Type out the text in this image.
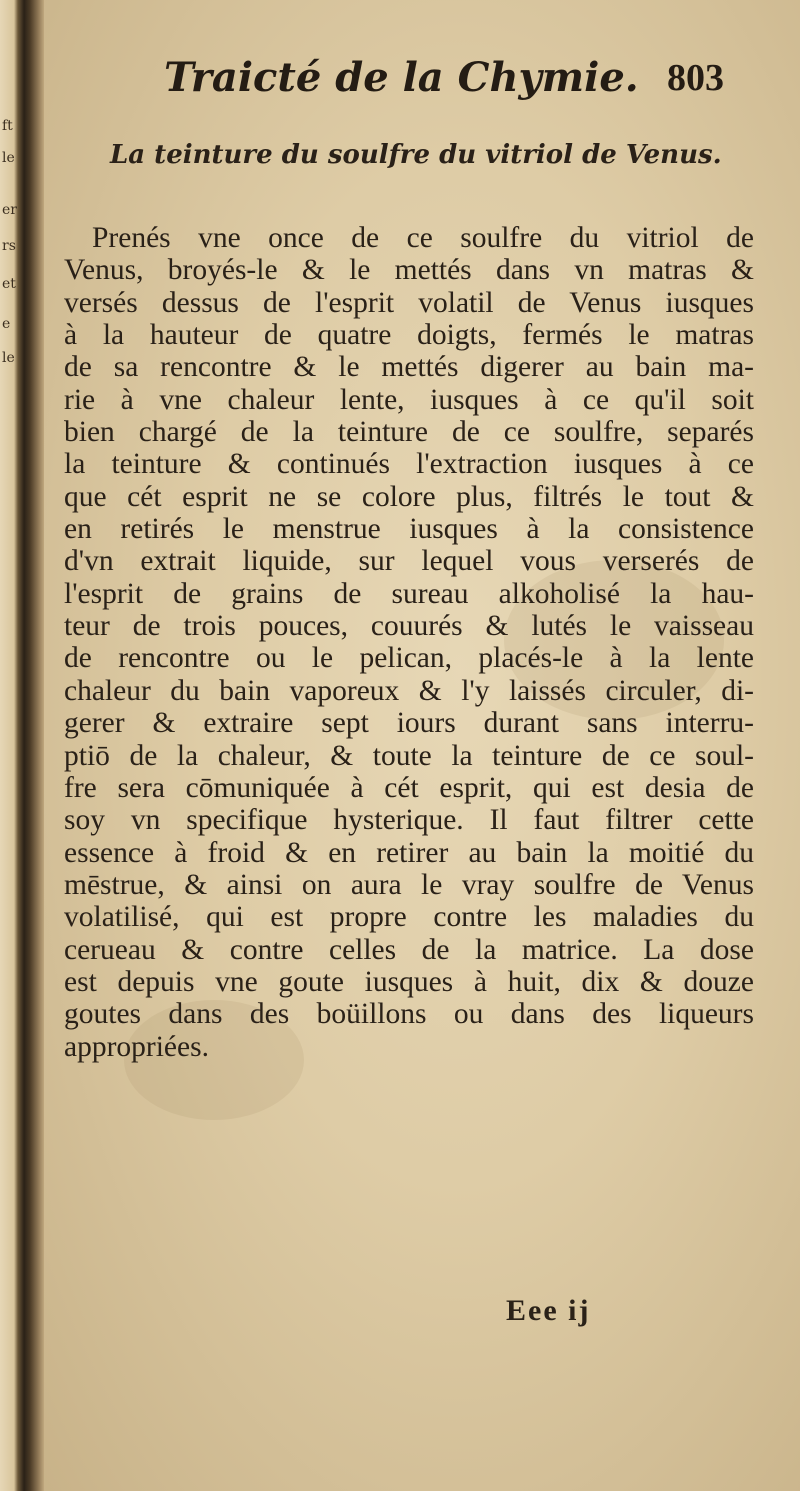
ft
le
er
rs
et
e
le
Traicté de la Chymie. 803
La teinture du soulfre du vitriol de Venus.
Prenés vne once de ce soulfre du vitriol de
Venus, broyés-le & le mettés dans vn matras &
versés dessus de l'esprit volatil de Venus iusques
à la hauteur de quatre doigts, fermés le matras
de sa rencontre & le mettés digerer au bain ma-
rie à vne chaleur lente, iusques à ce qu'il soit
bien chargé de la teinture de ce soulfre, separés
la teinture & continués l'extraction iusques à ce
que cét esprit ne se colore plus, filtrés le tout &
en retirés le menstrue iusques à la consistence
d'vn extrait liquide, sur lequel vous verserés de
l'esprit de grains de sureau alkoholisé la hau-
teur de trois pouces, couurés & lutés le vaisseau
de rencontre ou le pelican, placés-le à la lente
chaleur du bain vaporeux & l'y laissés circuler, di-
gerer & extraire sept iours durant sans interru-
ptiō de la chaleur, & toute la teinture de ce soul-
fre sera cōmuniquée à cét esprit, qui est desia de
soy vn specifique hysterique. Il faut filtrer cette
essence à froid & en retirer au bain la moitié du
mēstrue, & ainsi on aura le vray soulfre de Venus
volatilisé, qui est propre contre les maladies du
cerueau & contre celles de la matrice. La dose
est depuis vne goute iusques à huit, dix & douze
goutes dans des boüillons ou dans des liqueurs
appropriées.
Eee ij
